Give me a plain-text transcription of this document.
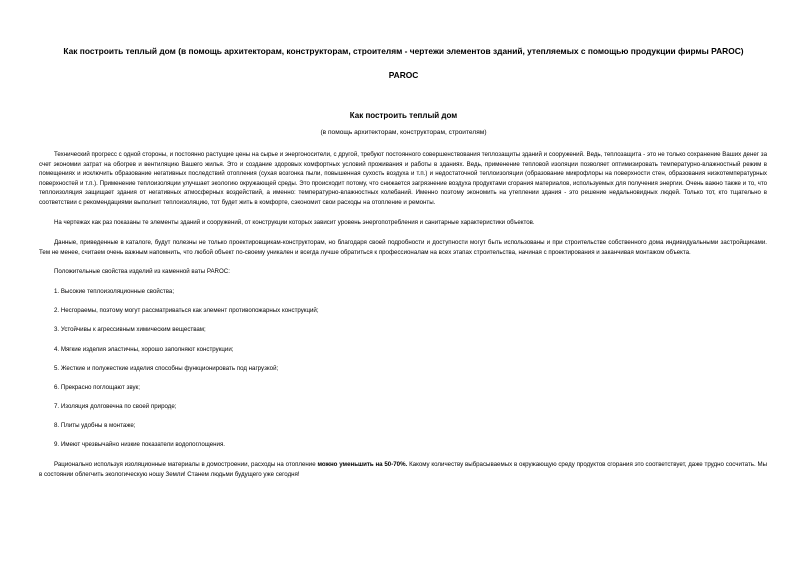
Как построить теплый дом (в помощь архитекторам, конструкторам, строителям - чертежи элементов зданий, утепляемых с помощью продукции фирмы PAROC)
PAROC
Как построить теплый дом
(в помощь архитекторам, конструкторам, строителям)

Технический прогресс с одной стороны, и постоянно растущие цены на сырье и энергоносители, с другой, требуют постоянного совершенствования теплозащиты зданий и сооружений. Ведь, теплозащита - это не только сохранение Ваших денег за счет экономии затрат на обогрев и вентиляцию Вашего жилья. Это и создание здоровых комфортных условий проживания и работы в зданиях. Ведь, применение тепловой изоляции позволяет оптимизировать температурно-влажностный режим в помещениях и исключить образование негативных последствий отопления (сухая возгонка пыли, повышенная сухость воздуха и т.п.) и недостаточной теплоизоляции (образование микрофлоры на поверхности стен, образования низкотемпературных поверхностей и т.п.). Применение теплоизоляции улучшает экологию окружающей среды. Это происходит потому, что снижается загрязнение воздуха продуктами сгорания материалов, используемых для получения энергии. Очень важно также и то, что теплоизоляция защищает здания от негативных атмосферных воздействий, а именно: температурно-влажностных колебаний. Именно поэтому экономить на утеплении здания - это решение недальновидных людей. Только тот, кто тщательно в соответствии с рекомендациями выполнит теплоизоляцию, тот будет жить в комфорте, сэкономит свои расходы на отопление и ремонты.

На чертежах как раз показаны те элементы зданий и сооружений, от конструкции которых зависит уровень энергопотребления и санитарные характеристики объектов.

Данные, приведенные в каталоге, будут полезны не только проектировщикам-конструкторам, но благодаря своей подробности и доступности могут быть использованы и при строительстве собственного дома индивидуальными застройщиками. Тем не менее, считаем очень важным напомнить, что любой объект по-своему уникален и всегда лучше обратиться к профессионалам на всех этапах строительства, начиная с проектирования и заканчивая монтажом объекта.

Положительные свойства изделий из каменной ваты PAROC:

1. Высокие теплоизоляционные свойства;

2. Несгораемы, поэтому могут рассматриваться как элемент противопожарных конструкций;

3. Устойчивы к агрессивным химическим веществам;

4. Мягкие изделия эластичны, хорошо заполняют конструкции;

5. Жесткие и полужесткие изделия способны функционировать под нагрузкой;

6. Прекрасно поглощают звук;

7. Изоляция долговечна по своей природе;

8. Плиты удобны в монтаже;

9. Имеют чрезвычайно низкие показатели водопоглощения.

Рационально используя изоляционные материалы в домостроении, расходы на отопление можно уменьшить на 50-70%. Какому количеству выбрасываемых в окружающую среду продуктов сгорания это соответствует, даже трудно сосчитать. Мы в состоянии облегчить экологическую ношу Земли! Станем людьми будущего уже сегодня!
